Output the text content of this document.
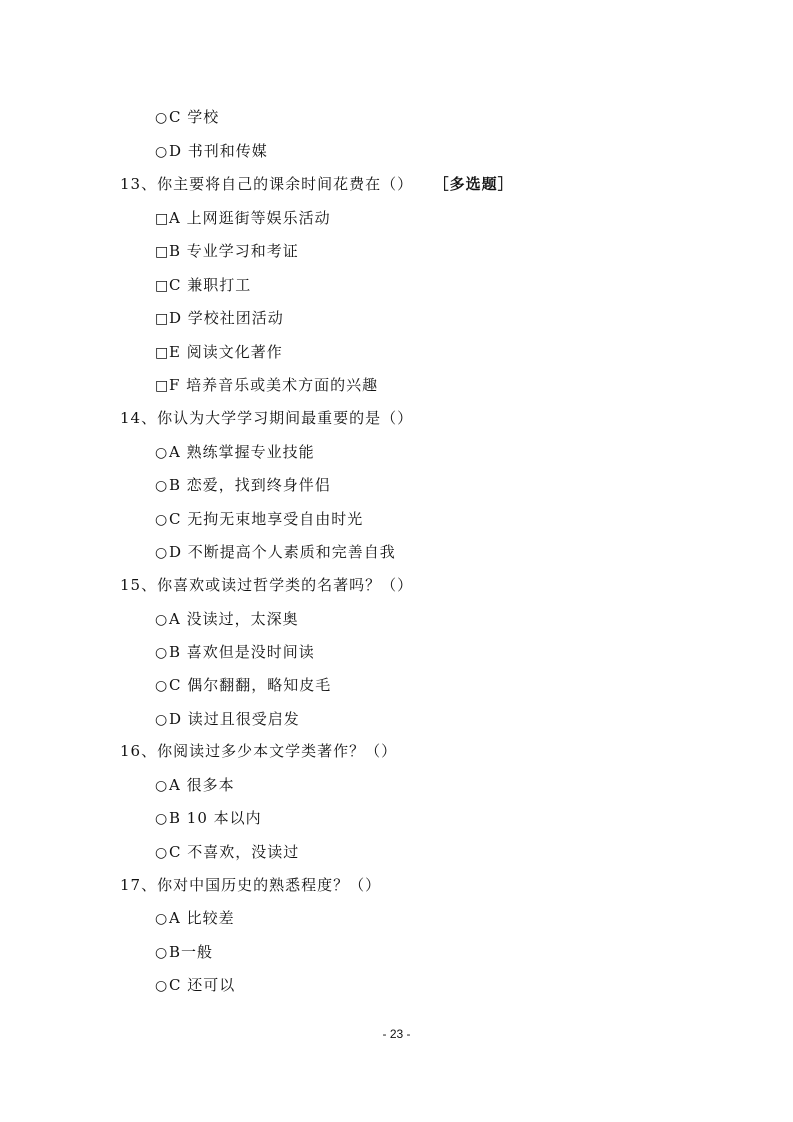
○C 学校
○D 书刊和传媒
13、你主要将自己的课余时间花费在（） ［多选题］
□A 上网逛街等娱乐活动
□B 专业学习和考证
□C 兼职打工
□D 学校社团活动
□E 阅读文化著作
□F 培养音乐或美术方面的兴趣
14、你认为大学学习期间最重要的是（）
○A 熟练掌握专业技能
○B 恋爱，找到终身伴侣
○C 无拘无束地享受自由时光
○D 不断提高个人素质和完善自我
15、你喜欢或读过哲学类的名著吗？（）
○A 没读过，太深奥
○B 喜欢但是没时间读
○C 偶尔翻翻，略知皮毛
○D 读过且很受启发
16、你阅读过多少本文学类著作？（）
○A 很多本
○B 10 本以内
○C 不喜欢，没读过
17、你对中国历史的熟悉程度？（）
○A 比较差
○B一般
○C 还可以
- 23 -
